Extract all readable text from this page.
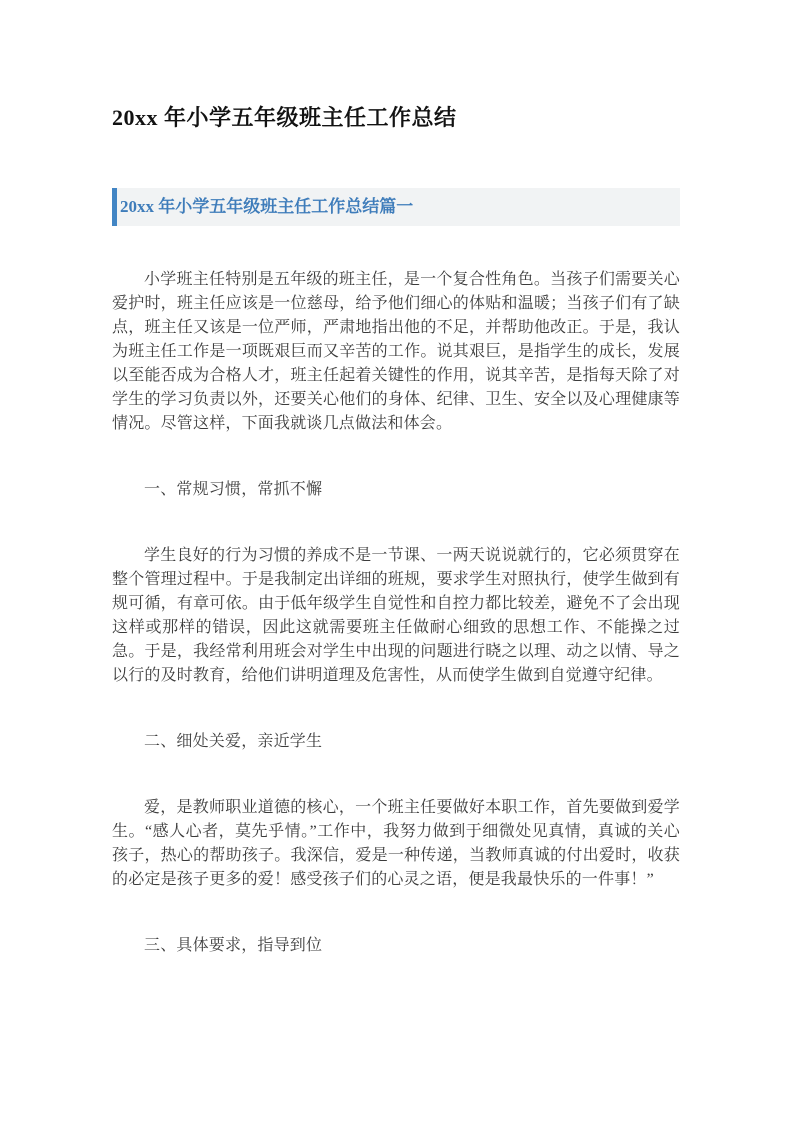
20xx 年小学五年级班主任工作总结
20xx 年小学五年级班主任工作总结篇一

小学班主任特别是五年级的班主任，是一个复合性角色。当孩子们需要关心爱护时，班主任应该是一位慈母，给予他们细心的体贴和温暖；当孩子们有了缺点，班主任又该是一位严师，严肃地指出他的不足，并帮助他改正。于是，我认为班主任工作是一项既艰巨而又辛苦的工作。说其艰巨，是指学生的成长，发展以至能否成为合格人才，班主任起着关键性的作用，说其辛苦，是指每天除了对学生的学习负责以外，还要关心他们的身体、纪律、卫生、安全以及心理健康等情况。尽管这样，下面我就谈几点做法和体会。

一、常规习惯，常抓不懈

学生良好的行为习惯的养成不是一节课、一两天说说就行的，它必须贯穿在整个管理过程中。于是我制定出详细的班规，要求学生对照执行，使学生做到有规可循，有章可依。由于低年级学生自觉性和自控力都比较差，避免不了会出现这样或那样的错误，因此这就需要班主任做耐心细致的思想工作、不能操之过急。于是，我经常利用班会对学生中出现的问题进行晓之以理、动之以情、导之以行的及时教育，给他们讲明道理及危害性，从而使学生做到自觉遵守纪律。

二、细处关爱，亲近学生

爱，是教师职业道德的核心，一个班主任要做好本职工作，首先要做到爱学生。“感人心者，莫先乎情。”工作中，我努力做到于细微处见真情，真诚的关心孩子，热心的帮助孩子。我深信，爱是一种传递，当教师真诚的付出爱时，收获的必定是孩子更多的爱！感受孩子们的心灵之语，便是我最快乐的一件事！”

三、具体要求，指导到位
